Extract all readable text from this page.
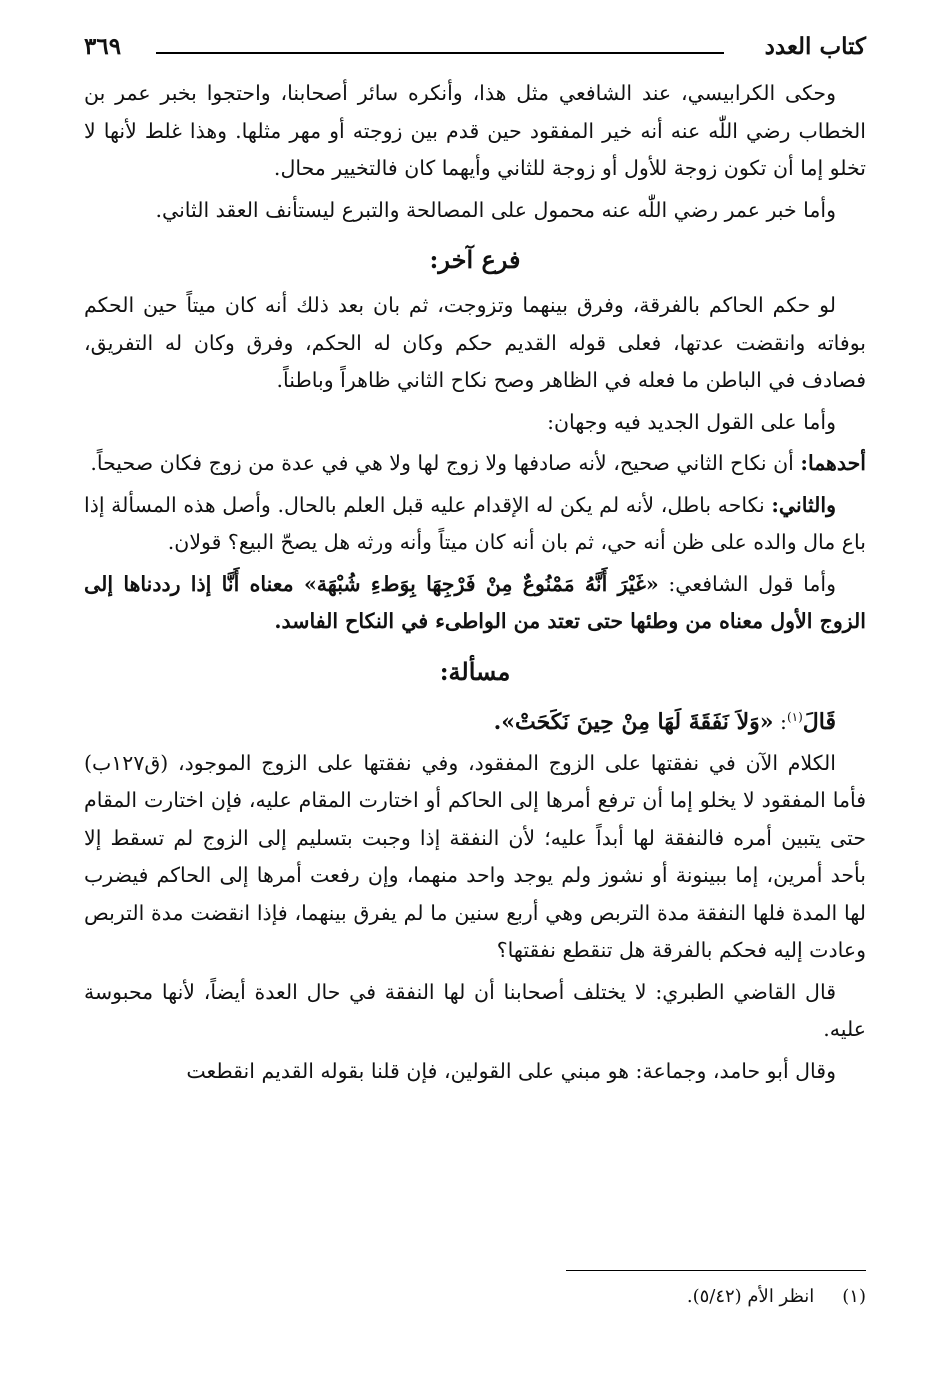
كتاب العدد
٣٦٩

وحكى الكرابيسي، عند الشافعي مثل هذا، وأنكره سائر أصحابنا، واحتجوا بخبر عمر بن الخطاب رضي اللّٰه عنه أنه خير المفقود حين قدم بين زوجته أو مهر مثلها. وهذا غلط لأنها لا تخلو إما أن تكون زوجة للأول أو زوجة للثاني وأيهما كان فالتخيير محال.

وأما خبر عمر رضي اللّٰه عنه محمول على المصالحة والتبرع ليستأنف العقد الثاني.

فرع آخر:

لو حكم الحاكم بالفرقة، وفرق بينهما وتزوجت، ثم بان بعد ذلك أنه كان ميتاً حين الحكم بوفاته وانقضت عدتها، فعلى قوله القديم حكم وكان له الحكم، وفرق وكان له التفريق، فصادف في الباطن ما فعله في الظاهر وصح نكاح الثاني ظاهراً وباطناً.

وأما على القول الجديد فيه وجهان:

أحدهما: أن نكاح الثاني صحيح، لأنه صادفها ولا زوج لها ولا هي في عدة من زوج فكان صحيحاً.

والثاني: نكاحه باطل، لأنه لم يكن له الإقدام عليه قبل العلم بالحال. وأصل هذه المسألة إذا باع مال والده على ظن أنه حي، ثم بان أنه كان ميتاً وأنه ورثه هل يصحّ البيع؟ قولان.

وأما قول الشافعي: «غَيْرَ أَنَّهُ مَمْنُوعٌ مِنْ فَرْجِهَا بِوَطءِ شُبْهَة» معناه أَنَّا إذا رددناها إلى الزوج الأول معناه من وطئها حتى تعتد من الواطىء في النكاح الفاسد.

مسألة:

قَالَ$^{(١)}$: «وَلاَ نَفَقَةَ لَهَا مِنْ حِينَ نَكَحَتْ».

الكلام الآن في نفقتها على الزوج المفقود، وفي نفقتها على الزوج الموجود، (ق١٢٧ب) فأما المفقود لا يخلو إما أن ترفع أمرها إلى الحاكم أو اختارت المقام عليه، فإن اختارت المقام حتى يتبين أمره فالنفقة لها أبداً عليه؛ لأن النفقة إذا وجبت بتسليم إلى الزوج لم تسقط إلا بأحد أمرين، إما ببينونة أو نشوز ولم يوجد واحد منهما، وإن رفعت أمرها إلى الحاكم فيضرب لها المدة فلها النفقة مدة التربص وهي أربع سنين ما لم يفرق بينهما، فإذا انقضت مدة التربص وعادت إليه فحكم بالفرقة هل تنقطع نفقتها؟

قال القاضي الطبري: لا يختلف أصحابنا أن لها النفقة في حال العدة أيضاً، لأنها محبوسة عليه.

وقال أبو حامد، وجماعة: هو مبني على القولين، فإن قلنا بقوله القديم انقطعت

(١)انظر الأم (٥/٤٢).
